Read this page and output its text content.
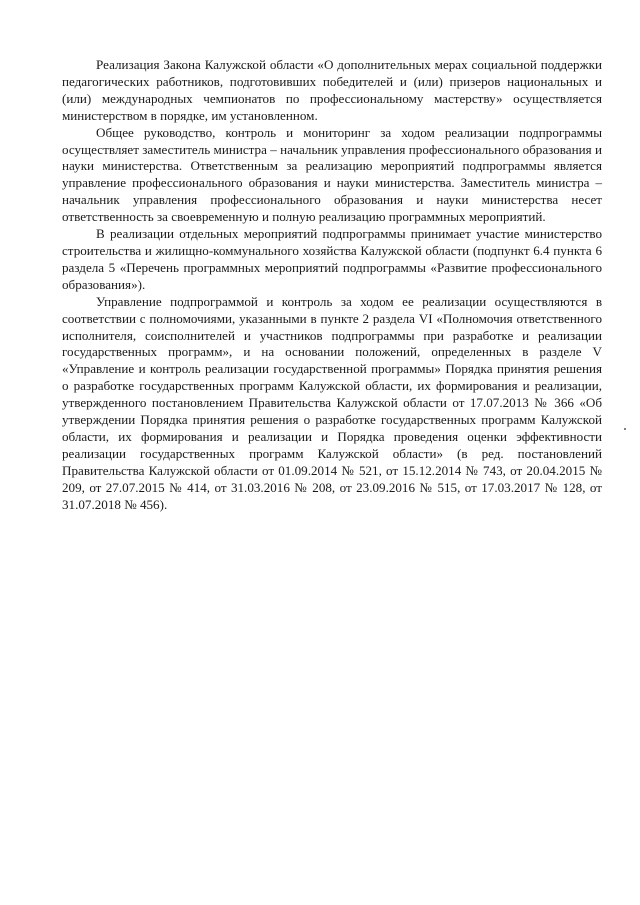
Реализация Закона Калужской области «О дополнительных мерах социальной поддержки педагогических работников, подготовивших победителей и (или) призеров национальных и (или) международных чемпионатов по профессиональному мастерству» осуществляется министерством в порядке, им установленном.

Общее руководство, контроль и мониторинг за ходом реализации подпрограммы осуществляет заместитель министра – начальник управления профессионального образования и науки министерства. Ответственным за реализацию мероприятий подпрограммы является управление профессионального образования и науки министерства. Заместитель министра – начальник управления профессионального образования и науки министерства несет ответственность за своевременную и полную реализацию программных мероприятий.

В реализации отдельных мероприятий подпрограммы принимает участие министерство строительства и жилищно-коммунального хозяйства Калужской области (подпункт 6.4 пункта 6 раздела 5 «Перечень программных мероприятий подпрограммы «Развитие профессионального образования»).

Управление подпрограммой и контроль за ходом ее реализации осуществляются в соответствии с полномочиями, указанными в пункте 2 раздела VI «Полномочия ответственного исполнителя, соисполнителей и участников подпрограммы при разработке и реализации государственных программ», и на основании положений, определенных в разделе V «Управление и контроль реализации государственной программы» Порядка принятия решения о разработке государственных программ Калужской области, их формирования и реализации, утвержденного постановлением Правительства Калужской области от 17.07.2013 № 366 «Об утверждении Порядка принятия решения о разработке государственных программ Калужской области, их формирования и реализации и Порядка проведения оценки эффективности реализации государственных программ Калужской области» (в ред. постановлений Правительства Калужской области от 01.09.2014 № 521, от 15.12.2014 № 743, от 20.04.2015 № 209, от 27.07.2015 № 414, от 31.03.2016 № 208, от 23.09.2016 № 515, от 17.03.2017 № 128, от 31.07.2018 № 456).
